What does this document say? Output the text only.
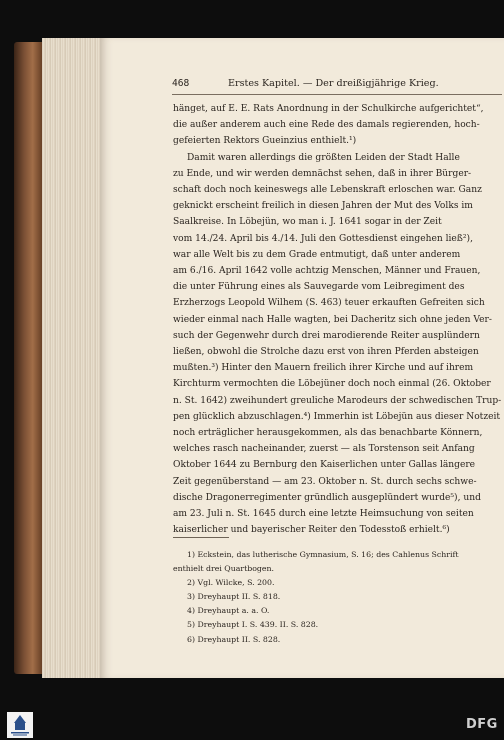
468	Erstes Kapitel. — Der dreißigjährige Krieg.
hänget, auf E. E. Rats Anordnung in der Schulkirche aufgerichtet“,
die außer anderem auch eine Rede des damals regierenden, hoch-
gefeierten Rektors Gueinzius enthielt.¹)
Damit waren allerdings die größten Leiden der Stadt Halle
zu Ende, und wir werden demnächst sehen, daß in ihrer Bürger-
schaft doch noch keineswegs alle Lebenskraft erloschen war. Ganz
geknickt erscheint freilich in diesen Jahren der Mut des Volks im
Saalkreise. In Löbejün, wo man i. J. 1641 sogar in der Zeit
vom 14./24. April bis 4./14. Juli den Gottesdienst eingehen ließ²),
war alle Welt bis zu dem Grade entmutigt, daß unter anderem
am 6./16. April 1642 volle achtzig Menschen, Männer und Frauen,
die unter Führung eines als Sauvegarde vom Leibregiment des
Erzherzogs Leopold Wilhem (S. 463) teuer erkauften Gefreiten sich
wieder einmal nach Halle wagten, bei Dacheritz sich ohne jeden Ver-
such der Gegenwehr durch drei marodierende Reiter ausplündern
ließen, obwohl die Strolche dazu erst von ihren Pferden absteigen
mußten.³) Hinter den Mauern freilich ihrer Kirche und auf ihrem
Kirchturm vermochten die Löbejüner doch noch einmal (26. Oktober
n. St. 1642) zweihundert greuliche Marodeurs der schwedischen Trup-
pen glücklich abzuschlagen.⁴) Immerhin ist Löbejün aus dieser Notzeit
noch erträglicher herausgekommen, als das benachbarte Könnern,
welches rasch nacheinander, zuerst — als Torstenson seit Anfang
Oktober 1644 zu Bernburg den Kaiserlichen unter Gallas längere
Zeit gegenüberstand — am 23. Oktober n. St. durch sechs schwe-
dische Dragonerregimenter gründlich ausgeplündert wurde⁵), und
am 23. Juli n. St. 1645 durch eine letzte Heimsuchung von seiten
kaiserlicher und bayerischer Reiter den Todesstoß erhielt.⁶)
1) Eckstein, das lutherische Gymnasium, S. 16; des Cahlenus Schrift
enthielt drei Quartbogen.
2) Vgl. Wilcke, S. 200.
3) Dreyhaupt II. S. 818.
4) Dreyhaupt a. a. O.
5) Dreyhaupt I. S. 439. II. S. 828.
6) Dreyhaupt II. S. 828.
DFG
